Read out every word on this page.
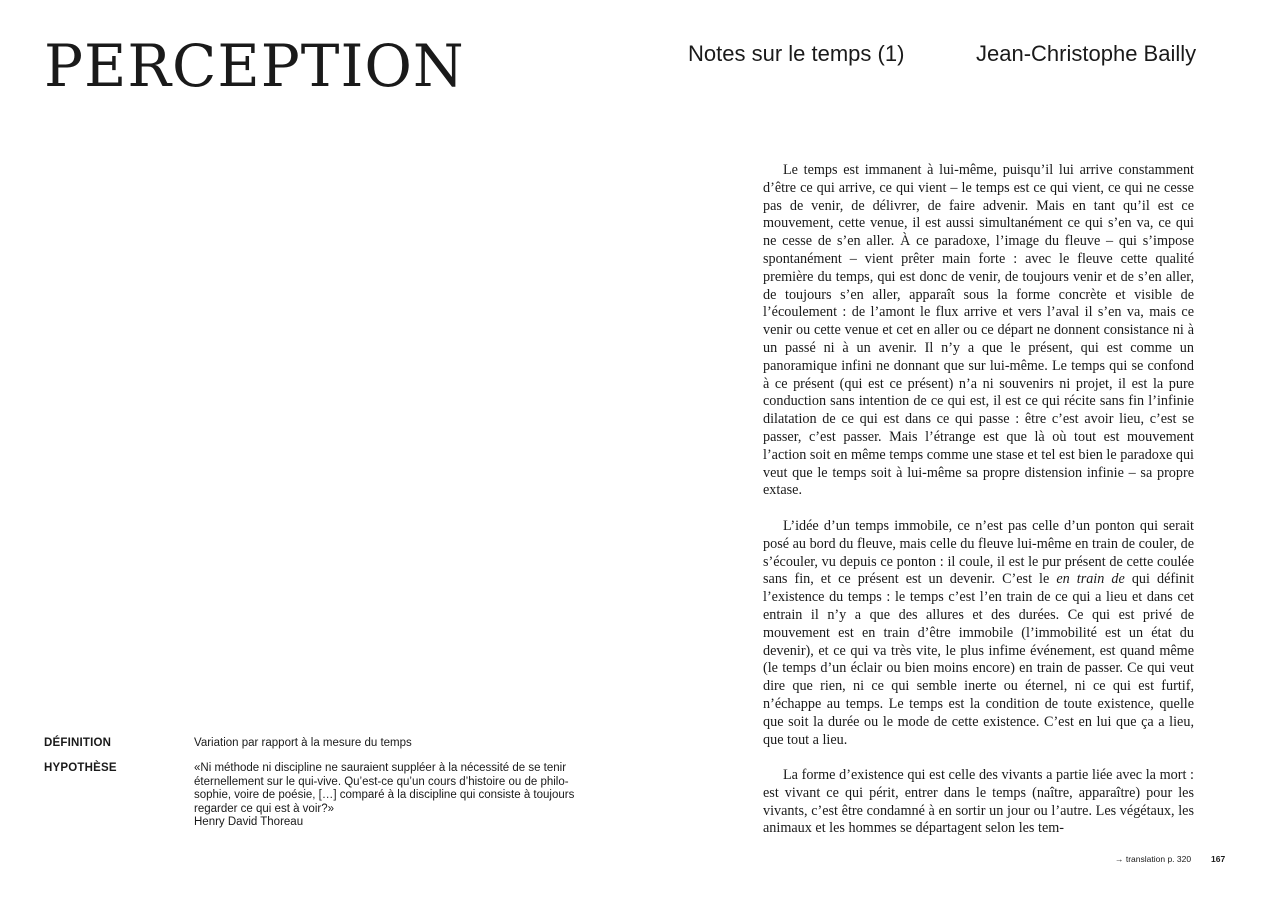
PERCEPTION	Notes sur le temps (1)	Jean-Christophe Bailly

Le temps est immanent à lui-même, puisqu’il lui arrive constamment d’être ce qui arrive, ce qui vient – le temps est ce qui vient, ce qui ne cesse pas de venir, de délivrer, de faire advenir. Mais en tant qu’il est ce mouvement, cette venue, il est aussi simultanément ce qui s’en va, ce qui ne cesse de s’en aller. À ce paradoxe, l’image du fleuve – qui s’impose spontanément – vient prêter main forte : avec le fleuve cette qualité première du temps, qui est donc de venir, de toujours venir et de s’en aller, de toujours s’en aller, apparaît sous la forme concrète et visible de l’écoulement : de l’amont le flux arrive et vers l’aval il s’en va, mais ce venir ou cette venue et cet en aller ou ce départ ne donnent consistance ni à un passé ni à un avenir. Il n’y a que le présent, qui est comme un panoramique infini ne donnant que sur lui-même. Le temps qui se confond à ce présent (qui est ce présent) n’a ni souvenirs ni projet, il est la pure conduction sans intention de ce qui est, il est ce qui récite sans fin l’infinie dilatation de ce qui est dans ce qui passe : être c’est avoir lieu, c’est se passer, c’est passer. Mais l’étrange est que là où tout est mouvement l’action soit en même temps comme une stase et tel est bien le paradoxe qui veut que le temps soit à lui-même sa propre distension infinie – sa propre extase.

L’idée d’un temps immobile, ce n’est pas celle d’un ponton qui serait posé au bord du fleuve, mais celle du fleuve lui-même en train de couler, de s’écouler, vu depuis ce ponton : il coule, il est le pur présent de cette coulée sans fin, et ce présent est un devenir. C’est le en train de qui définit l’existence du temps : le temps c’est l’en train de ce qui a lieu et dans cet entrain il n’y a que des allures et des durées. Ce qui est privé de mouvement est en train d’être immobile (l’immobilité est un état du devenir), et ce qui va très vite, le plus infime événement, est quand même (le temps d’un éclair ou bien moins encore) en train de passer. Ce qui veut dire que rien, ni ce qui semble inerte ou éternel, ni ce qui est furtif, n’échappe au temps. Le temps est la condition de toute existence, quelle que soit la durée ou le mode de cette existence. C’est en lui que ça a lieu, que tout a lieu.

La forme d’existence qui est celle des vivants a partie liée avec la mort : est vivant ce qui périt, entrer dans le temps (naître, apparaître) pour les vivants, c’est être condamné à en sortir un jour ou l’autre. Les végétaux, les animaux et les hommes se départagent selon les tem-

DÉFINITION	Variation par rapport à la mesure du temps
HYPOTHÈSE	«Ni méthode ni discipline ne sauraient suppléer à la nécessité de se tenir
éternellement sur le qui-vive. Qu’est-ce qu’un cours d’histoire ou de philo-
sophie, voire de poésie, […] comparé à la discipline qui consiste à toujours
regarder ce qui est à voir?»
Henry David Thoreau
→ translation p. 320 167
